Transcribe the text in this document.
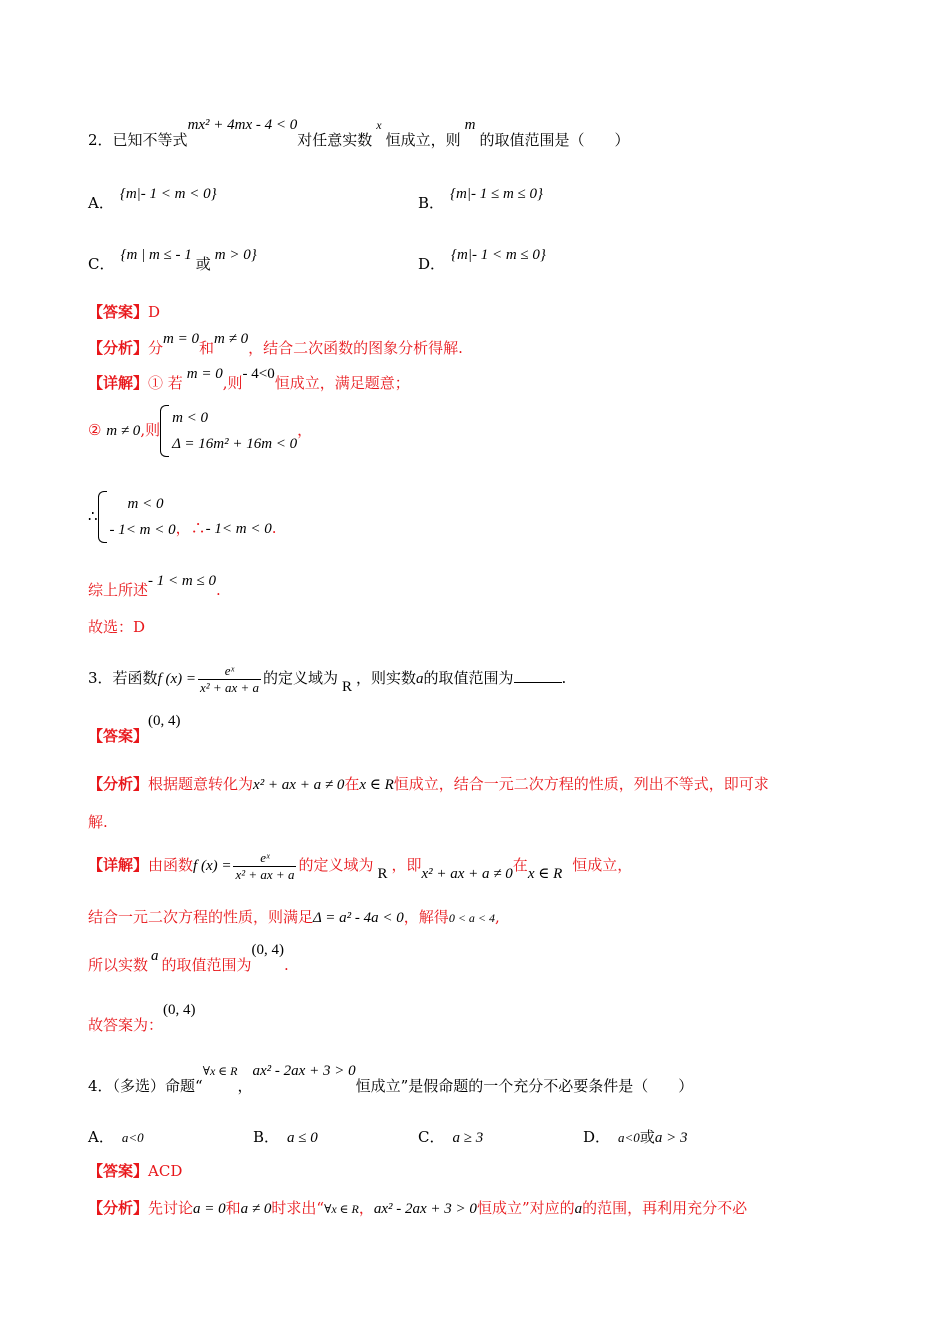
2．已知不等式mx² + 4mx - 4 < 0对任意实数$^x$恒成立，则m的取值范围是（　　）
A． {m|- 1 < m < 0}	B． {m|- 1 ≤ m ≤ 0}
C． {m | m ≤ - 1 或 m > 0}	D． {m|- 1 < m ≤ 0}
【答案】D
【分析】分m = 0和m ≠ 0，结合二次函数的图象分析得解.
【详解】① 若 m = 0,则- 4<0恒成立，满足题意；
② m ≠ 0,则
m < 0
Δ = 16m² + 16m < 0
，
∴
m < 0
- 1< m < 0 ，∴- 1< m < 0.
综上所述- 1 < m ≤ 0.
故选：D
3．若函数f $(x) = \frac{\text{eˣ}}{\text{x² + ax + a}}$ 的定义域为 R ，则实数a的取值范围为	.
【答案】(0, 4)
【分析】根据题意转化为x² + ax + a ≠ 0在x ∈ R恒成立，结合一元二次方程的性质，列出不等式，即可求
解.
【详解】由函数f $(x) = \frac{\text{eˣ}}{\text{x² + ax + a}}$ 的定义域为 R ，即x² + ax + a ≠ 0在x ∈ R 恒成立，
结合一元二次方程的性质，则满足Δ = a² - 4a < 0，解得0 < a < 4,
所以实数 a 的取值范围为(0, 4).
故答案为：(0, 4)
4．（多选）命题“$^{\forall x \in R}$，ax² - 2ax + 3 > 0恒成立”是假命题的一个充分不必要条件是（　　）
A． a<0	B． a ≤ 0	C． a ≥ 3	D． a<0或a > 3
【答案】ACD
【分析】先讨论a = 0和a ≠ 0时求出“∀x ∈ R，ax² - 2ax + 3 > 0恒成立”对应的a的范围，再利用充分不必
